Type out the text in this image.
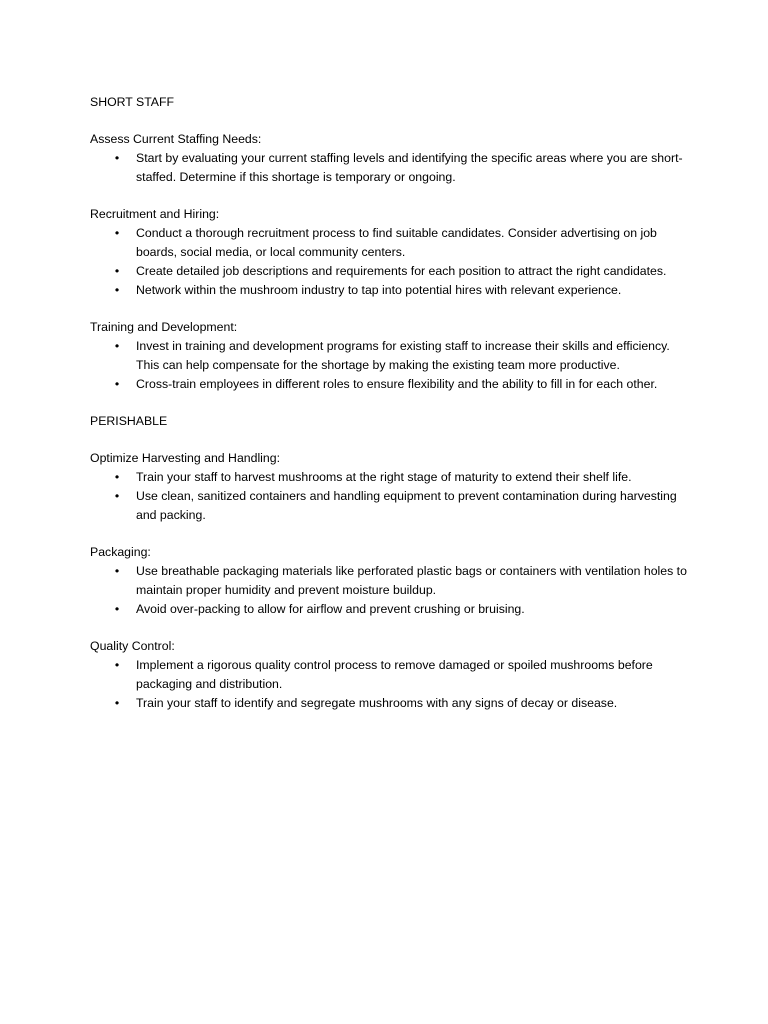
SHORT STAFF

Assess Current Staffing Needs:

• Start by evaluating your current staffing levels and identifying the specific areas where you are short-staffed. Determine if this shortage is temporary or ongoing.

Recruitment and Hiring:

• Conduct a thorough recruitment process to find suitable candidates. Consider advertising on job boards, social media, or local community centers.
• Create detailed job descriptions and requirements for each position to attract the right candidates.
• Network within the mushroom industry to tap into potential hires with relevant experience.

Training and Development:

• Invest in training and development programs for existing staff to increase their skills and efficiency. This can help compensate for the shortage by making the existing team more productive.
• Cross-train employees in different roles to ensure flexibility and the ability to fill in for each other.

PERISHABLE

Optimize Harvesting and Handling:

• Train your staff to harvest mushrooms at the right stage of maturity to extend their shelf life.
• Use clean, sanitized containers and handling equipment to prevent contamination during harvesting and packing.

Packaging:

• Use breathable packaging materials like perforated plastic bags or containers with ventilation holes to maintain proper humidity and prevent moisture buildup.
• Avoid over-packing to allow for airflow and prevent crushing or bruising.

Quality Control:

• Implement a rigorous quality control process to remove damaged or spoiled mushrooms before packaging and distribution.
• Train your staff to identify and segregate mushrooms with any signs of decay or disease.
